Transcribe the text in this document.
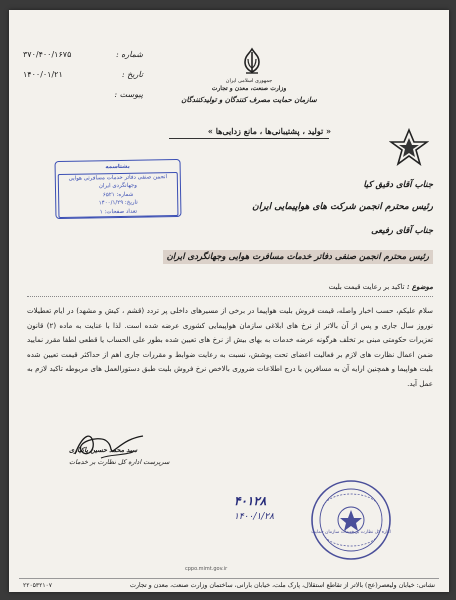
شماره :
۳۷۰/۴۰۰/۱۶۷۵
تاریخ :
۱۴۰۰/۰۱/۲۱
پیوست :
جمهوری اسلامی ایران
وزارت صنعت، معدن و تجارت
سازمان حمایت مصرف کنندگان و تولیدکنندگان
« تولید ، پشتیبانی‌ها ، مانع زدایی‌ها »
بشتاسمه
انجمن صنفی دفاتر خدمات مسافرتی هوایی وجهانگردی ایران
شماره: ۶۵۲۱
تاریخ: ۱۴۰۰/۱/۲۹
تعداد صفحات: ۱
جناب آقای دقیق کیا
رئیس محترم انجمن شرکت های هواپیمایی ایران
جناب آقای رفیعی
رئیس محترم انجمن صنفی دفاتر خدمات مسافرت هوایی وجهانگردی ایران
موضوع : تاکید بر رعایت قیمت بلیت
سلام علیکم، حسب اخبار واصله، قیمت فروش بلیت هواپیما در برخی از مسیرهای داخلی پر تردد (قشم ، کیش و مشهد) در ایام تعطیلات نوروز سال جاری و پس از آن بالاتر از نرخ های ابلاغی سازمان هواپیمایی کشوری عرضه شده است. لذا با عنایت به ماده (۲) قانون تعزیرات حکومتی مبنی بر تخلف هرگونه عرضه خدمات به بهای بیش از نرخ های تعیین شده بطور علی الحساب یا قطعی لطفا مقرر نمایید ضمن اعمال نظارت های لازم بر فعالیت اعضای تحت پوشش، نسبت به رعایت ضوابط و مقررات جاری اهم از حداکثر قیمت تعیین شده بلیت هواپیما و همچنین ارایه آن به مسافرین با درج اطلاعات ضروری بالاخص نرخ فروش بلیت طبق دستورالعمل های مربوطه تاکید لازم به عمل آید.
سید محمد حسین پاکیاری
سرپرست اداره کل نظارت بر خدمات
اداره کل نظارت بر خدمات سازمان حمایت
۴۰۱۲۸
۱۴۰۰/۱/۲۸
cppo.mimt.gov.ir
نشانی: خیابان ولیعصر(عج) بالاتر از تقاطع استقلال، پارک ملت، خیابان بارانی، ساختمان وزارت صنعت، معدن و تجارت
۲۲۰۵۳۲۱۰۷
